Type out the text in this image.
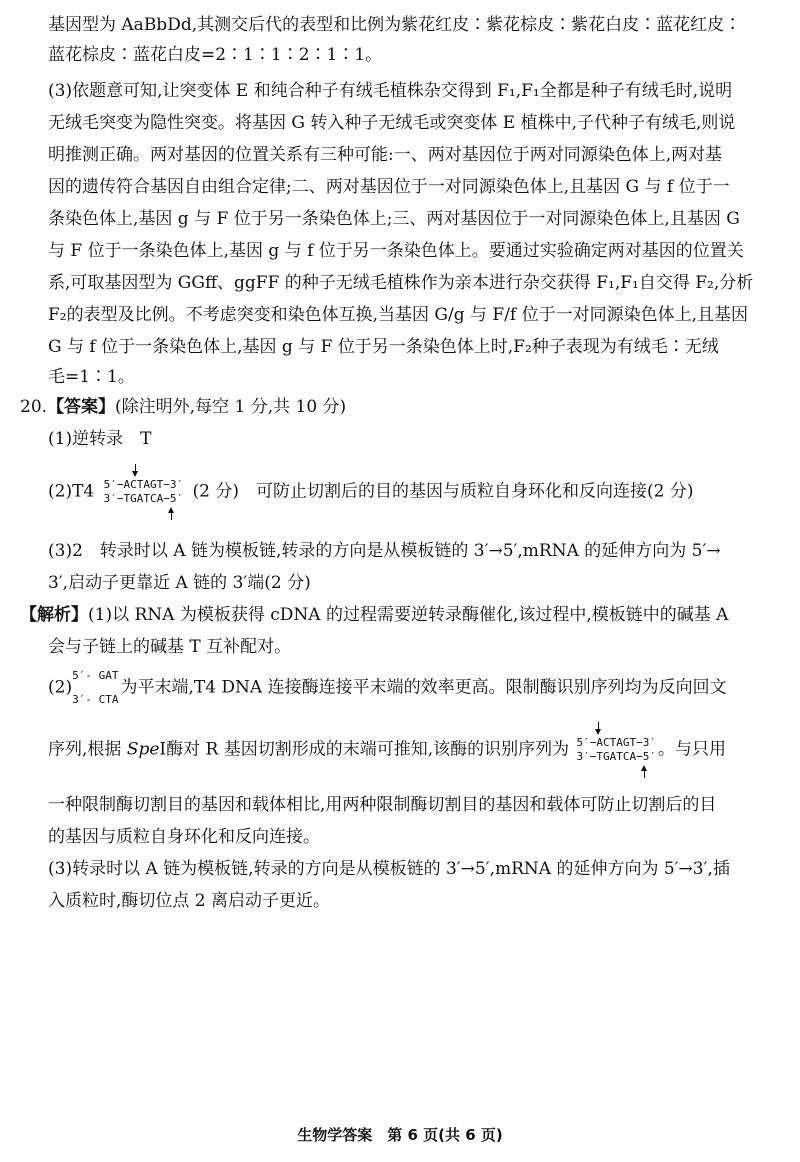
基因型为 AaBbDd,其测交后代的表型和比例为紫花红皮∶紫花棕皮∶紫花白皮∶蓝花红皮∶
蓝花棕皮∶蓝花白皮=2∶1∶1∶2∶1∶1。
(3)依题意可知,让突变体 E 和纯合种子有绒毛植株杂交得到 F₁,F₁全都是种子有绒毛时,说明
无绒毛突变为隐性突变。将基因 G 转入种子无绒毛或突变体 E 植株中,子代种子有绒毛,则说
明推测正确。两对基因的位置关系有三种可能:一、两对基因位于两对同源染色体上,两对基
因的遗传符合基因自由组合定律;二、两对基因位于一对同源染色体上,且基因 G 与 f 位于一
条染色体上,基因 g 与 F 位于另一条染色体上;三、两对基因位于一对同源染色体上,且基因 G
与 F 位于一条染色体上,基因 g 与 f 位于另一条染色体上。要通过实验确定两对基因的位置关
系,可取基因型为 GGff、ggFF 的种子无绒毛植株作为亲本进行杂交获得 F₁,F₁自交得 F₂,分析
F₂的表型及比例。不考虑突变和染色体互换,当基因 G/g 与 F/f 位于一对同源染色体上,且基因
G 与 f 位于一条染色体上,基因 g 与 F 位于另一条染色体上时,F₂种子表现为有绒毛∶无绒
毛=1∶1。
20.【答案】(除注明外,每空 1 分,共 10 分)
(1)逆转录　T
(2)T4 5′−ACTAGT−3′
3′−TGATCA−5′ (2 分)　可防止切割后的目的基因与质粒自身环化和反向连接(2 分)
(3)2　转录时以 A 链为模板链,转录的方向是从模板链的 3′→5′,mRNA 的延伸方向为 5′→
3′,启动子更靠近 A 链的 3′端(2 分)
【解析】(1)以 RNA 为模板获得 cDNA 的过程需要逆转录酶催化,该过程中,模板链中的碱基 A
会与子链上的碱基 T 互补配对。
(2)
5′- GAT
3′- CTA
为平末端,T4 DNA 连接酶连接平末端的效率更高。限制酶识别序列均为反向回文
序列,根据 SpeⅠ酶对 R 基因切割形成的末端可推知,该酶的识别序列为 5′−ACTAGT−3′
3′−TGATCA−5′ 。与只用
一种限制酶切割目的基因和载体相比,用两种限制酶切割目的基因和载体可防止切割后的目
的基因与质粒自身环化和反向连接。
(3)转录时以 A 链为模板链,转录的方向是从模板链的 3′→5′,mRNA 的延伸方向为 5′→3′,插
入质粒时,酶切位点 2 离启动子更近。
生物学答案　第 6 页(共 6 页)
